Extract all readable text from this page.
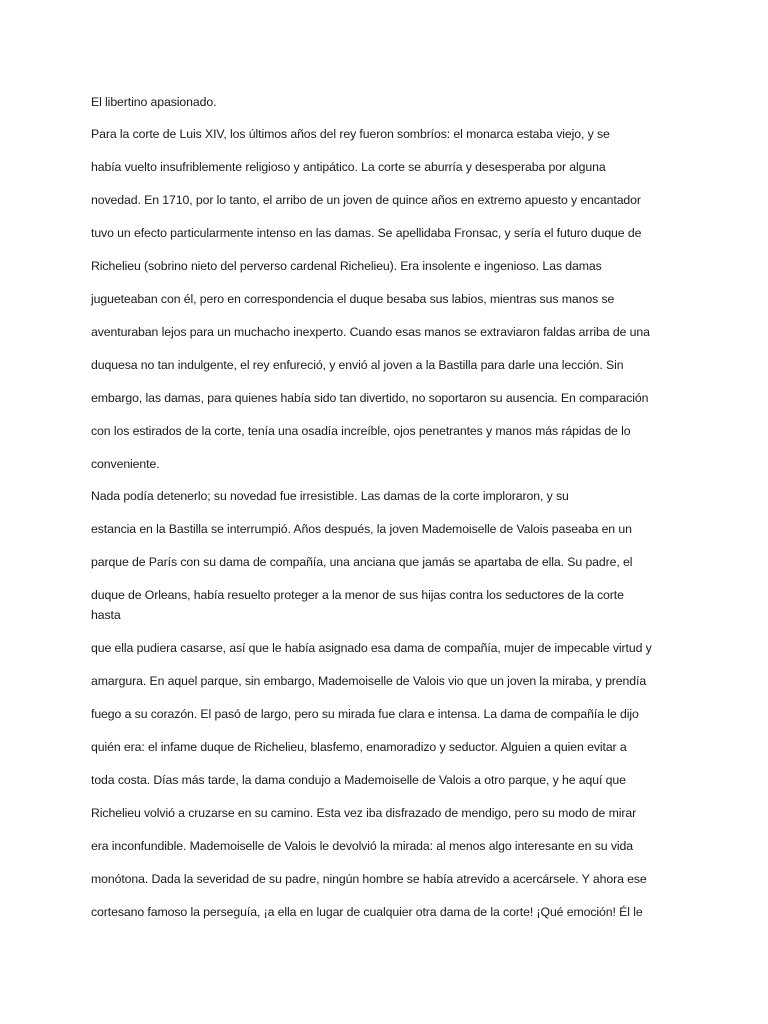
El libertino apasionado.

Para la corte de Luis XIV, los últimos años del rey fueron sombríos: el monarca estaba viejo, y se

había vuelto insufriblemente religioso y antipático. La corte se aburría y desesperaba por alguna

novedad. En 1710, por lo tanto, el arribo de un joven de quince años en extremo apuesto y encantador

tuvo un efecto particularmente intenso en las damas. Se apellidaba Fronsac, y sería el futuro duque de

Richelieu (sobrino nieto del perverso cardenal Richelieu). Era insolente e ingenioso. Las damas

jugueteaban con él, pero en correspondencia el duque besaba sus labios, mientras sus manos se

aventuraban lejos para un muchacho inexperto. Cuando esas manos se extraviaron faldas arriba de una

duquesa no tan indulgente, el rey enfureció, y envió al joven a la Bastilla para darle una lección. Sin

embargo, las damas, para quienes había sido tan divertido, no soportaron su ausencia. En comparación

con los estirados de la corte, tenía una osadía increíble, ojos penetrantes y manos más rápidas de lo

conveniente.

Nada podía detenerlo; su novedad fue irresistible. Las damas de la corte imploraron, y su

estancia en la Bastilla se interrumpió. Años después, la joven Mademoiselle de Valois paseaba en un

parque de París con su dama de compañía, una anciana que jamás se apartaba de ella. Su padre, el

duque de Orleans, había resuelto proteger a la menor de sus hijas contra los seductores de la corte

hasta

que ella pudiera casarse, así que le había asignado esa dama de compañía, mujer de impecable virtud y

amargura. En aquel parque, sin embargo, Mademoiselle de Valois vio que un joven la miraba, y prendía

fuego a su corazón. El pasó de largo, pero su mirada fue clara e intensa. La dama de compañía le dijo

quién era: el infame duque de Richelieu, blasfemo, enamoradizo y seductor. Alguien a quien evitar a

toda costa. Días más tarde, la dama condujo a Mademoiselle de Valois a otro parque, y he aquí que

Richelieu volvió a cruzarse en su camino. Esta vez iba disfrazado de mendigo, pero su modo de mirar

era inconfundible. Mademoiselle de Valois le devolvió la mirada: al menos algo interesante en su vida

monótona. Dada la severidad de su padre, ningún hombre se había atrevido a acercársele. Y ahora ese

cortesano famoso la perseguía, ¡a ella en lugar de cualquier otra dama de la corte! ¡Qué emoción! Él le
